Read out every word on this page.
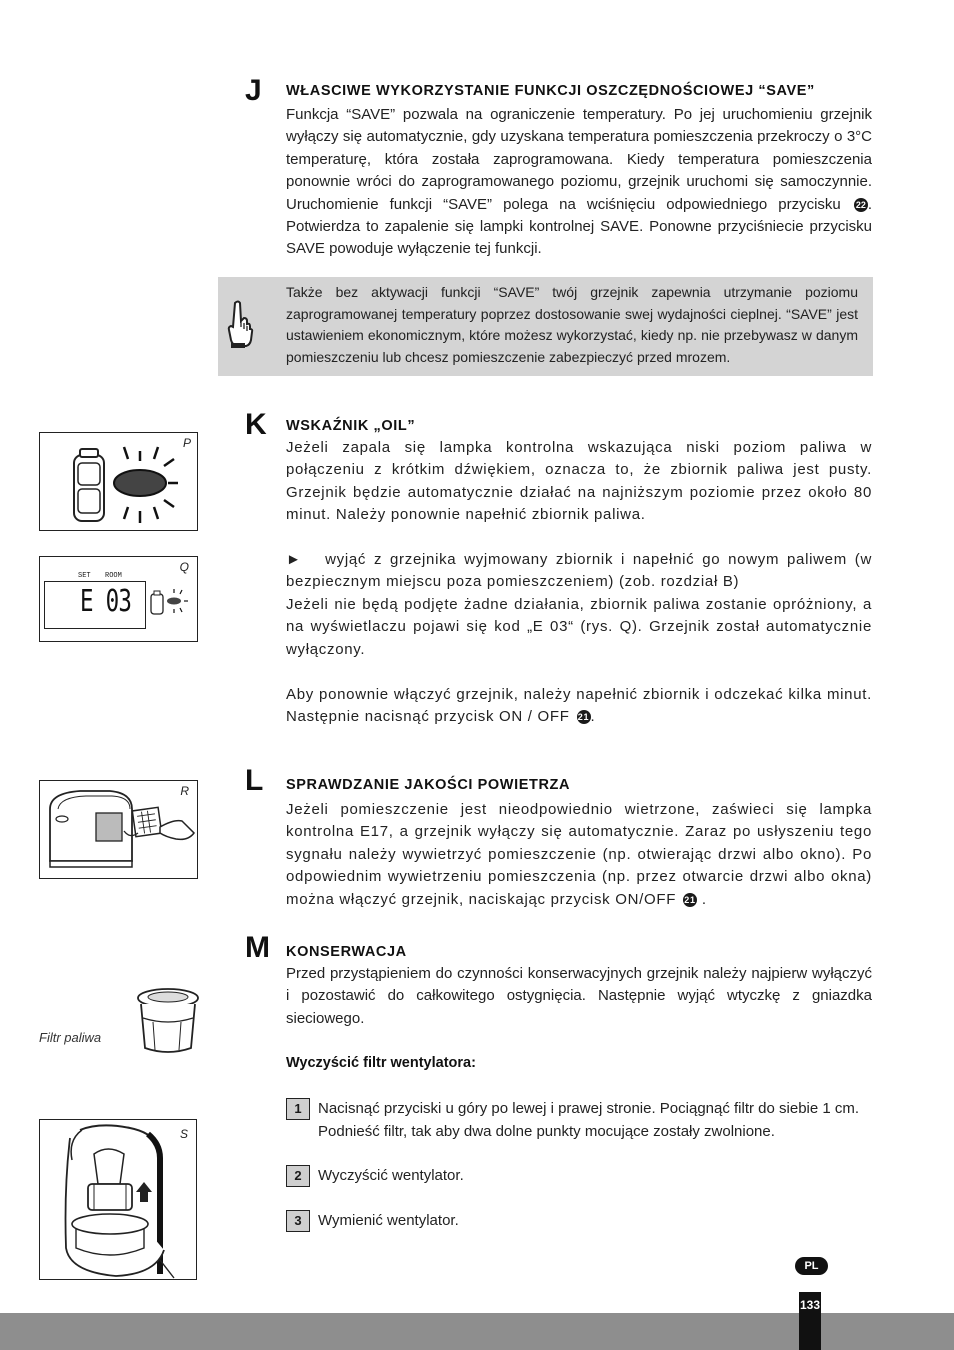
J WŁASCIWE WYKORZYSTANIE FUNKCJI OSZCZĘDNOŚCIOWEJ “SAVE”

Funkcja “SAVE” pozwala na ograniczenie temperatury. Po jej uruchomieniu grzejnik wyłączy się automatycznie, gdy uzyskana temperatura pomieszczenia przekroczy o 3°C temperaturę, która została zaprogramowana. Kiedy temperatura pomieszczenia ponownie wróci do zaprogramowanego poziomu, grzejnik uruchomi się samoczynnie. Uruchomienie funkcji “SAVE” polega na wciśnięciu odpowiedniego przycisku 22 . Potwierdza to zapalenie się lampki kontrolnej SAVE. Ponowne przyciśniecie przycisku SAVE powoduje wyłączenie tej funkcji.

Także bez aktywacji funkcji “SAVE” twój grzejnik zapewnia utrzymanie poziomu zaprogramowanej temperatury poprzez dostosowanie swej wydajności cieplnej. “SAVE” jest ustawieniem ekonomicznym, które możesz wykorzystać, kiedy np. nie przebywasz w danym pomieszczeniu lub chcesz pomieszczenie zabezpieczyć przed mrozem.

K WSKAŹNIK „OIL”

Jeżeli zapala się lampka kontrolna wskazująca niski poziom paliwa w połączeniu z krótkim dźwiękiem, oznacza to, że zbiornik paliwa jest pusty. Grzejnik będzie automatycznie działać na najniższym poziomie przez około 80 minut. Należy ponownie napełnić zbiornik paliwa.

► wyjąć z grzejnika wyjmowany zbiornik i napełnić go nowym paliwem (w bezpiecznym miejscu poza pomieszczeniem) (zob. rozdział B)

Jeżeli nie będą podjęte żadne działania, zbiornik paliwa zostanie opróżniony, a na wyświetlaczu pojawi się kod „E 03“ (rys. Q). Grzejnik został automatycznie wyłączony.

Aby ponownie włączyć grzejnik, należy napełnić zbiornik i odczekać kilka minut. Następnie nacisnąć przycisk ON / OFF 21.

L SPRAWDZANIE JAKOŚCI POWIETRZA

Jeżeli pomieszczenie jest nieodpowiednio wietrzone, zaświeci się lampka kontrolna E17, a grzejnik wyłączy się automatycznie. Zaraz po usłyszeniu tego sygnału należy wywietrzyć pomieszczenie (np. otwierając drzwi albo okno). Po odpowiednim wywietrzeniu pomieszczenia (np. przez otwarcie drzwi albo okna) można włączyć grzejnik, naciskając przycisk ON/OFF 21 .

M KONSERWACJA

Przed przystąpieniem do czynności konserwacyjnych grzejnik należy najpierw wyłączyć i pozostawić do całkowitego ostygnięcia. Następnie wyjąć wtyczkę z gniazdka sieciowego.

Wyczyścić filtr wentylatora:
1	Nacisnąć przyciski u góry po lewej i prawej stronie. Pociągnąć filtr do siebie 1 cm. Podnieść filtr, tak aby dwa dolne punkty mocujące zostały zwolnione.

2	Wyczyścić wentylator.

3	Wymienić wentylator.

P
Q
SET ROOM
E 03
R
Filtr paliwa
S
PL
133
